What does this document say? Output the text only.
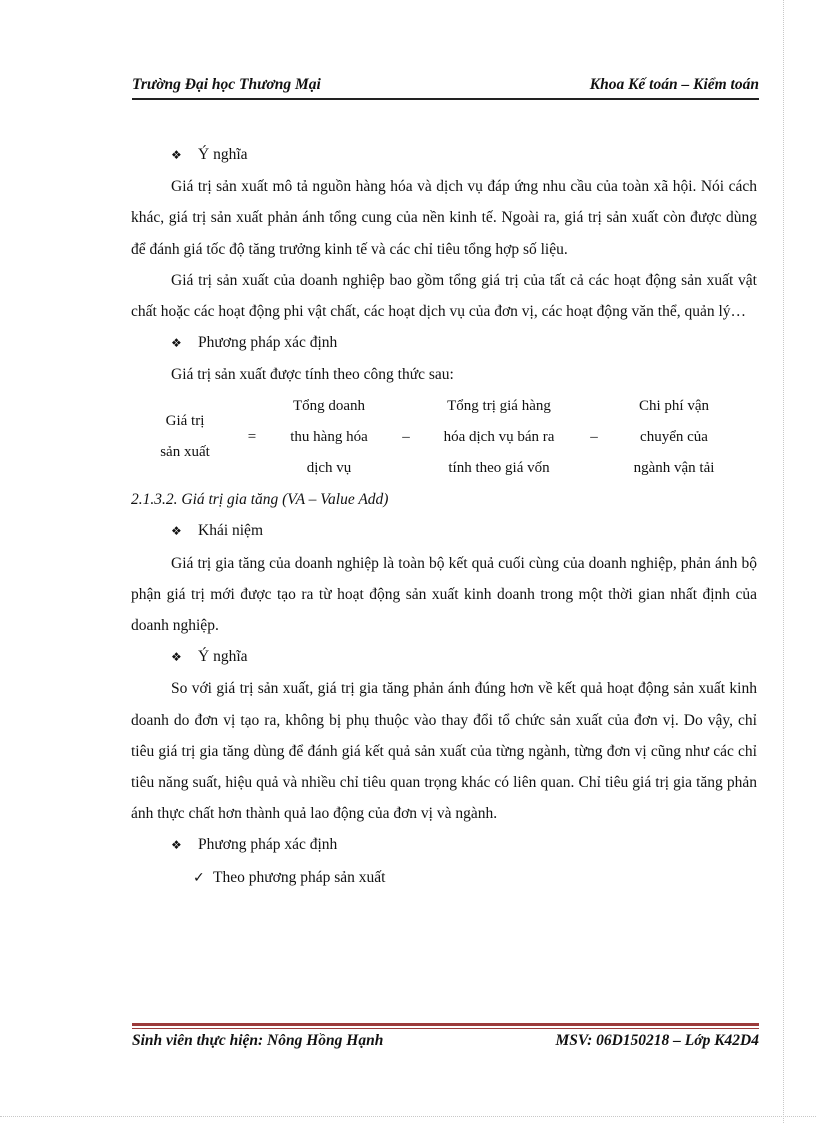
Trường Đại học Thương Mại	Khoa Kế toán – Kiểm toán
❖ Ý nghĩa

Giá trị sản xuất mô tả nguồn hàng hóa và dịch vụ đáp ứng nhu cầu của toàn xã hội. Nói cách khác, giá trị sản xuất phản ánh tổng cung của nền kinh tế. Ngoài ra, giá trị sản xuất còn được dùng để đánh giá tốc độ tăng trưởng kinh tế và các chỉ tiêu tổng hợp số liệu.

Giá trị sản xuất của doanh nghiệp bao gồm tổng giá trị của tất cả các hoạt động sản xuất vật chất hoặc các hoạt động phi vật chất, các hoạt dịch vụ của đơn vị, các hoạt động văn thể, quản lý…

❖ Phương pháp xác định
Giá trị sản xuất được tính theo công thức sau:
Giá trị
sản xuất
	=	
Tổng doanh
thu hàng hóa
dịch vụ
	–	
Tổng trị giá hàng
hóa dịch vụ bán ra
tính theo giá vốn
	–	
Chi phí vận
chuyển của
ngành vận tải
2.1.3.2. Giá trị gia tăng (VA – Value Add)
❖ Khái niệm

Giá trị gia tăng của doanh nghiệp là toàn bộ kết quả cuối cùng của doanh nghiệp, phản ánh bộ phận giá trị mới được tạo ra từ hoạt động sản xuất kinh doanh trong một thời gian nhất định của doanh nghiệp.

❖ Ý nghĩa

So với giá trị sản xuất, giá trị gia tăng phản ánh đúng hơn về kết quả hoạt động sản xuất kinh doanh do đơn vị tạo ra, không bị phụ thuộc vào thay đổi tổ chức sản xuất của đơn vị. Do vậy, chỉ tiêu giá trị gia tăng dùng để đánh giá kết quả sản xuất của từng ngành, từng đơn vị cũng như các chỉ tiêu năng suất, hiệu quả và nhiều chỉ tiêu quan trọng khác có liên quan. Chỉ tiêu giá trị gia tăng phản ánh thực chất hơn thành quả lao động của đơn vị và ngành.

❖ Phương pháp xác định
✓ Theo phương pháp sản xuất
Sinh viên thực hiện: Nông Hồng Hạnh	MSV: 06D150218 – Lớp K42D4
